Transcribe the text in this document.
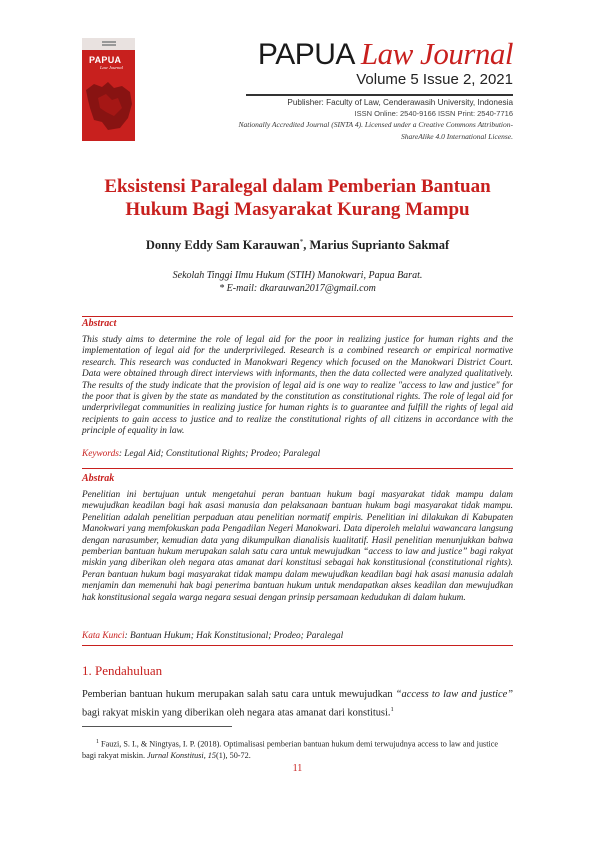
PAPUA
Law Journal	PAPUA Law Journal
Volume 5 Issue 2, 2021
Publisher: Faculty of Law, Cenderawasih University, Indonesia
ISSN Online: 2540-9166 ISSN Print: 2540-7716
Nationally Accredited Journal (SINTA 4). Licensed under a Creative Commons Attribution-
ShareAlike 4.0 International License.
Eksistensi Paralegal dalam Pemberian Bantuan
Hukum Bagi Masyarakat Kurang Mampu
Donny Eddy Sam Karauwan*, Marius Suprianto Sakmaf
Sekolah Tinggi Ilmu Hukum (STIH) Manokwari, Papua Barat.
* E-mail: dkarauwan2017@gmail.com
Abstract
This study aims to determine the role of legal aid for the poor in realizing justice for human rights and the implementation of legal aid for the underprivileged. Research is a combined research or empirical normative research. This research was conducted in Manokwari Regency which focused on the Manokwari District Court. Data were obtained through direct interviews with informants, then the data collected were analyzed qualitatively. The results of the study indicate that the provision of legal aid is one way to realize "access to law and justice" for the poor that is given by the state as mandated by the constitution as constitutional rights. The role of legal aid for underprivilegat communities in realizing justice for human rights is to guarantee and fulfill the rights of legal aid recipients to gain access to justice and to realize the constitutional rights of all citizens in accordance with the principle of equality in law.
Keywords: Legal Aid; Constitutional Rights; Prodeo; Paralegal
Abstrak
Penelitian ini bertujuan untuk mengetahui peran bantuan hukum bagi masyarakat tidak mampu dalam mewujudkan keadilan bagi hak asasi manusia dan pelaksanaan bantuan hukum bagi masyarakat tidak mampu. Penelitian adalah penelitian perpaduan atau penelitian normatif empiris. Penelitian ini dilakukan di Kabupaten Manokwari yang memfokuskan pada Pengadilan Negeri Manokwari. Data diperoleh melalui wawancara langsung dengan narasumber, kemudian data yang dikumpulkan dianalisis kualitatif. Hasil penelitian menunjukkan bahwa pemberian bantuan hukum merupakan salah satu cara untuk mewujudkan “access to law and justice” bagi rakyat miskin yang diberikan oleh negara atas amanat dari konstitusi sebagai hak konstitusional (constitutional rights). Peran bantuan hukum bagi masyarakat tidak mampu dalam mewujudkan keadilan bagi hak asasi manusia adalah menjamin dan memenuhi hak bagi penerima bantuan hukum untuk mendapatkan akses keadilan dan mewujudkan hak konstitusional segala warga negara sesuai dengan prinsip persamaan kedudukan di dalam hukum.
Kata Kunci: Bantuan Hukum; Hak Konstitusional; Prodeo; Paralegal
1. Pendahuluan
Pemberian bantuan hukum merupakan salah satu cara untuk mewujudkan “access to law and justice” bagi rakyat miskin yang diberikan oleh negara atas amanat dari konstitusi.$^1$
$^1$ Fauzi, S. I., & Ningtyas, I. P. (2018). Optimalisasi pemberian bantuan hukum demi terwujudnya access to law and justice bagi rakyat miskin. Jurnal Konstitusi, 15(1), 50-72.
11
